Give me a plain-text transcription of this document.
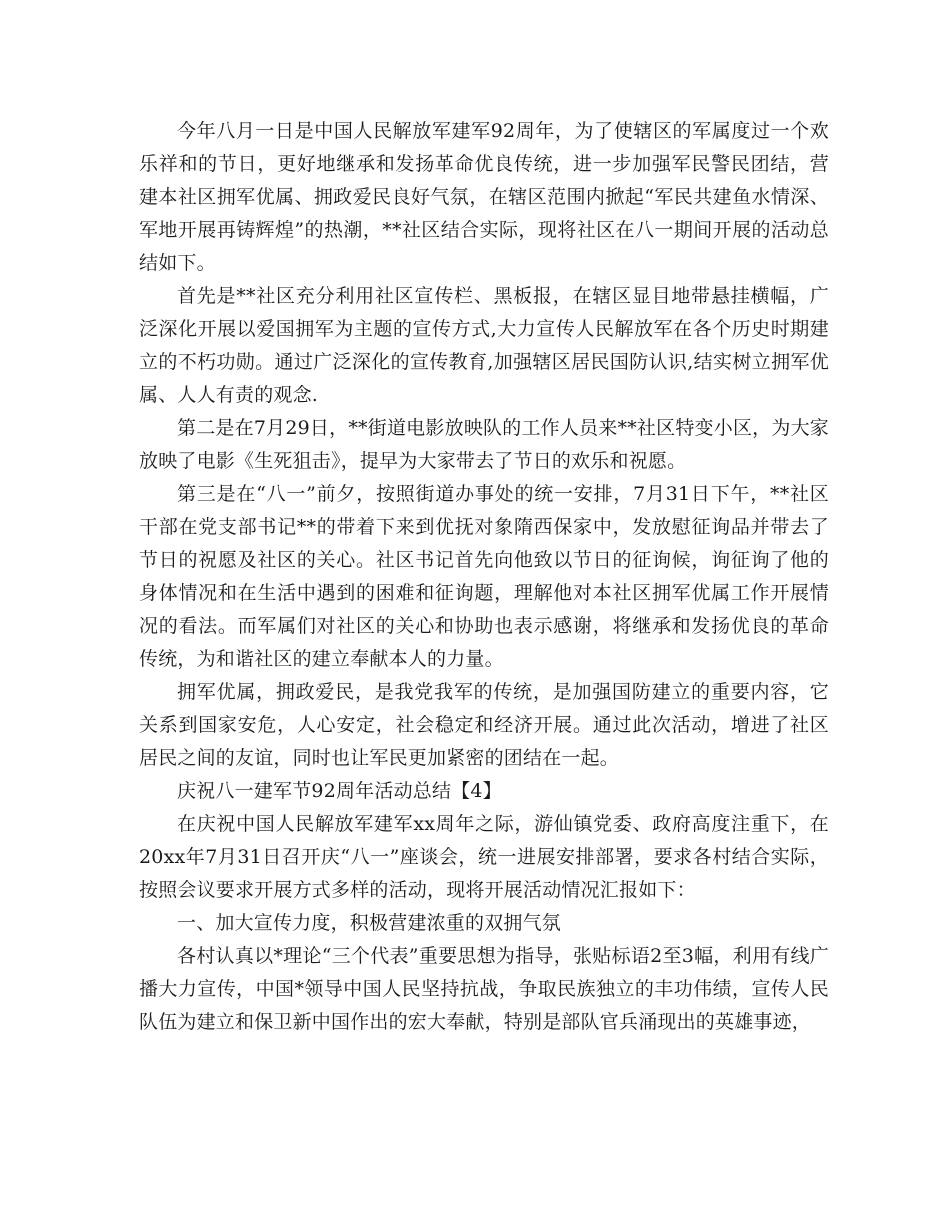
今年八月一日是中国人民解放军建军92周年，为了使辖区的军属度过一个欢乐祥和的节日，更好地继承和发扬革命优良传统，进一步加强军民警民团结，营建本社区拥军优属、拥政爱民良好气氛，在辖区范围内掀起“军民共建鱼水情深、军地开展再铸辉煌”的热潮，**社区结合实际，现将社区在八一期间开展的活动总结如下。

首先是**社区充分利用社区宣传栏、黑板报，在辖区显目地带悬挂横幅，广泛深化开展以爱国拥军为主题的宣传方式,大力宣传人民解放军在各个历史时期建立的不朽功勋。通过广泛深化的宣传教育,加强辖区居民国防认识,结实树立拥军优属、人人有责的观念.

第二是在7月29日，**街道电影放映队的工作人员来**社区特变小区，为大家放映了电影《生死狙击》，提早为大家带去了节日的欢乐和祝愿。

第三是在“八一”前夕，按照街道办事处的统一安排，7月31日下午，**社区干部在党支部书记**的带着下来到优抚对象隋西保家中，发放慰征询品并带去了节日的祝愿及社区的关心。社区书记首先向他致以节日的征询候，询征询了他的身体情况和在生活中遇到的困难和征询题，理解他对本社区拥军优属工作开展情况的看法。而军属们对社区的关心和协助也表示感谢，将继承和发扬优良的革命传统，为和谐社区的建立奉献本人的力量。

拥军优属，拥政爱民，是我党我军的传统，是加强国防建立的重要内容，它关系到国家安危，人心安定，社会稳定和经济开展。通过此次活动，增进了社区居民之间的友谊，同时也让军民更加紧密的团结在一起。

庆祝八一建军节92周年活动总结【4】

在庆祝中国人民解放军建军xx周年之际，游仙镇党委、政府高度注重下，在20xx年7月31日召开庆“八一”座谈会，统一进展安排部署，要求各村结合实际，按照会议要求开展方式多样的活动，现将开展活动情况汇报如下：

一、加大宣传力度，积极营建浓重的双拥气氛

各村认真以*理论“三个代表”重要思想为指导，张贴标语2至3幅，利用有线广播大力宣传，中国*领导中国人民坚持抗战，争取民族独立的丰功伟绩，宣传人民队伍为建立和保卫新中国作出的宏大奉献，特别是部队官兵涌现出的英雄事迹，
